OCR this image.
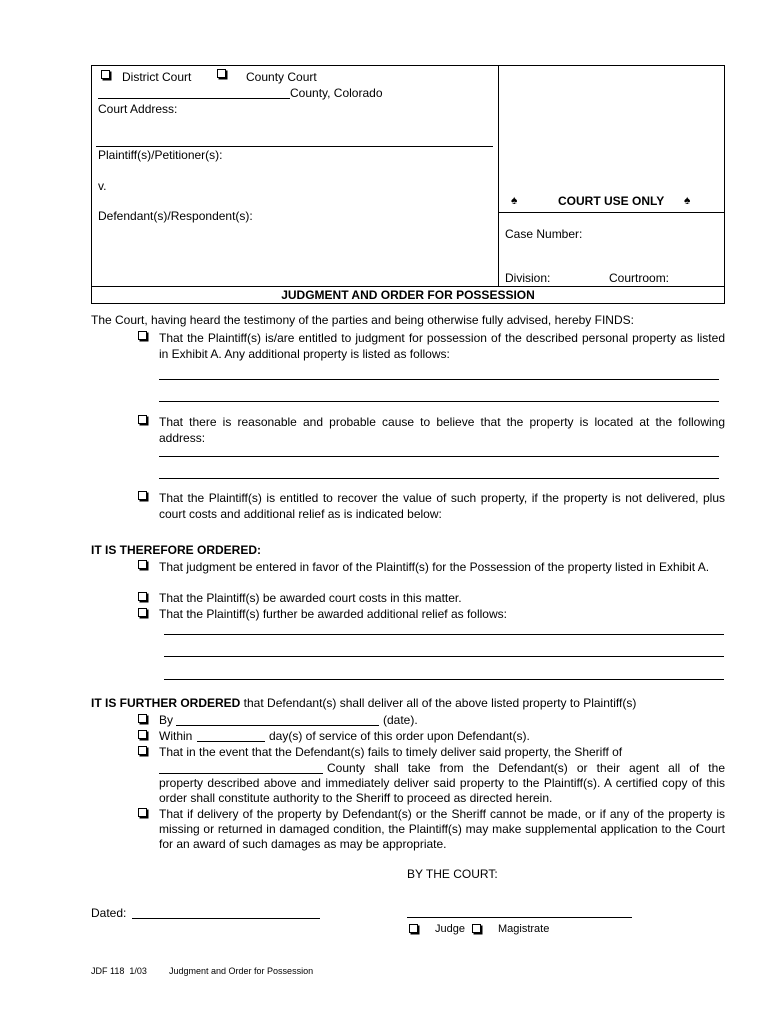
District Court	County Court
County, Colorado
Court Address:
Plaintiff(s)/Petitioner(s):
v.
Defendant(s)/Respondent(s):
♠	COURT USE ONLY ♠
Case Number:
Division:	Courtroom:
JUDGMENT AND ORDER FOR POSSESSION
The Court, having heard the testimony of the parties and being otherwise fully advised, hereby FINDS:
That the Plaintiff(s) is/are entitled to judgment for possession of the described personal property as listed in Exhibit A. Any additional property is listed as follows:
That there is reasonable and probable cause to believe that the property is located at the following address:
That the Plaintiff(s) is entitled to recover the value of such property, if the property is not delivered, plus court costs and additional relief as is indicated below:
IT IS THEREFORE ORDERED:
That judgment be entered in favor of the Plaintiff(s) for the Possession of the property listed in Exhibit A.
That the Plaintiff(s) be awarded court costs in this matter.
That the Plaintiff(s) further be awarded additional relief as follows:
IT IS FURTHER ORDERED that Defendant(s) shall deliver all of the above listed property to Plaintiff(s)
By	(date).
Within	day(s) of service of this order upon Defendant(s).
That in the event that the Defendant(s) fails to timely deliver said property, the Sheriff of
County shall take from the Defendant(s) or their agent all of the
property described above and immediately deliver said property to the Plaintiff(s). A certified copy of this order shall constitute authority to the Sheriff to proceed as directed herein.
That if delivery of the property by Defendant(s) or the Sheriff cannot be made, or if any of the property is missing or returned in damaged condition, the Plaintiff(s) may make supplemental application to the Court for an award of such damages as may be appropriate.
BY THE COURT:
Dated:
Judge	Magistrate
JDF 118  1/03 Judgment and Order for Possession
